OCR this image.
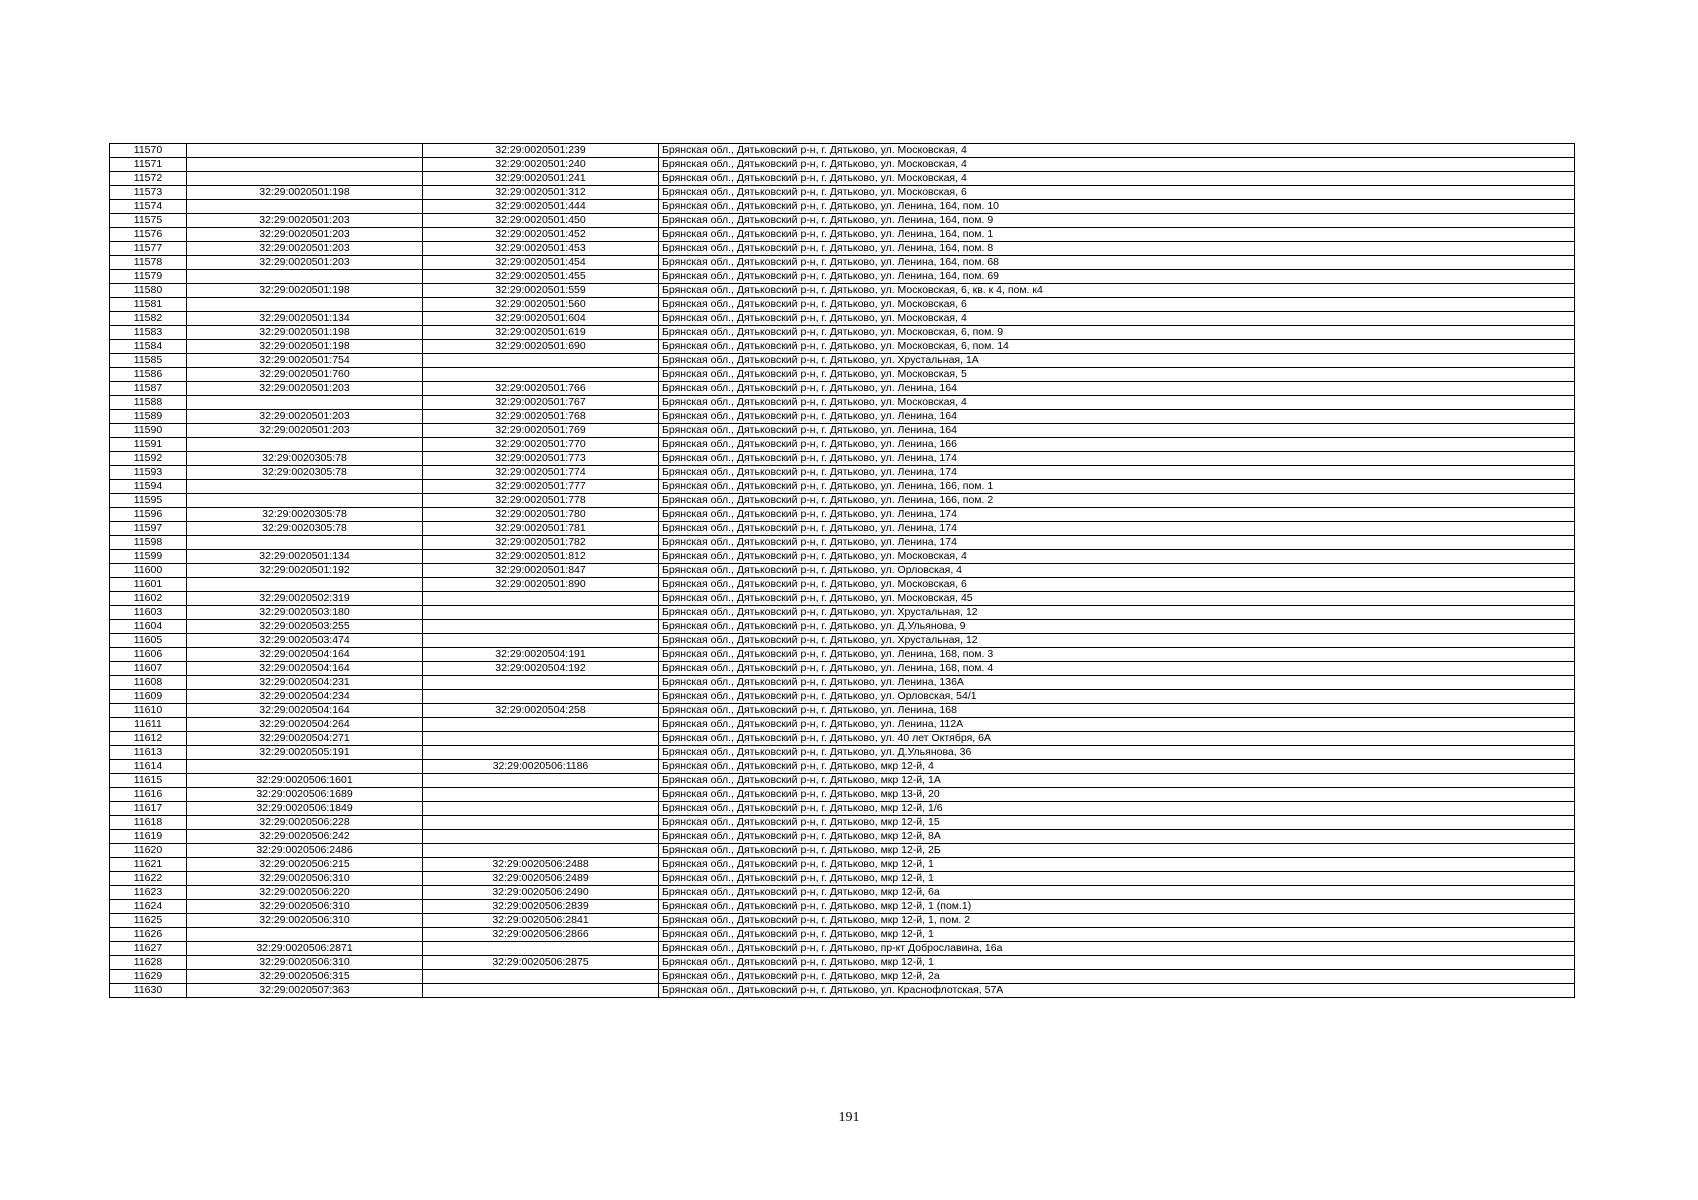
11570		32:29:0020501:239	Брянская обл., Дятьковский р-н, г. Дятьково, ул. Московская, 4
11571		32:29:0020501:240	Брянская обл., Дятьковский р-н, г. Дятьково, ул. Московская, 4
11572		32:29:0020501:241	Брянская обл., Дятьковский р-н, г. Дятьково, ул. Московская, 4
11573	32:29:0020501:198	32:29:0020501:312	Брянская обл., Дятьковский р-н, г. Дятьково, ул. Московская, 6
11574		32:29:0020501:444	Брянская обл., Дятьковский р-н, г. Дятьково, ул. Ленина, 164, пом. 10
11575	32:29:0020501:203	32:29:0020501:450	Брянская обл., Дятьковский р-н, г. Дятьково, ул. Ленина, 164, пом. 9
11576	32:29:0020501:203	32:29:0020501:452	Брянская обл., Дятьковский р-н, г. Дятьково, ул. Ленина, 164, пом. 1
11577	32:29:0020501:203	32:29:0020501:453	Брянская обл., Дятьковский р-н, г. Дятьково, ул. Ленина, 164, пом. 8
11578	32:29:0020501:203	32:29:0020501:454	Брянская обл., Дятьковский р-н, г. Дятьково, ул. Ленина, 164, пом. 68
11579		32:29:0020501:455	Брянская обл., Дятьковский р-н, г. Дятьково, ул. Ленина, 164, пом. 69
11580	32:29:0020501:198	32:29:0020501:559	Брянская обл., Дятьковский р-н, г. Дятьково, ул. Московская, 6, кв. к 4, пом. к4
11581		32:29:0020501:560	Брянская обл., Дятьковский р-н, г. Дятьково, ул. Московская, 6
11582	32:29:0020501:134	32:29:0020501:604	Брянская обл., Дятьковский р-н, г. Дятьково, ул. Московская, 4
11583	32:29:0020501:198	32:29:0020501:619	Брянская обл., Дятьковский р-н, г. Дятьково, ул. Московская, 6, пом. 9
11584	32:29:0020501:198	32:29:0020501:690	Брянская обл., Дятьковский р-н, г. Дятьково, ул. Московская, 6, пом. 14
11585	32:29:0020501:754		Брянская обл., Дятьковский р-н, г. Дятьково, ул. Хрустальная, 1А
11586	32:29:0020501:760		Брянская обл., Дятьковский р-н, г. Дятьково, ул. Московская, 5
11587	32:29:0020501:203	32:29:0020501:766	Брянская обл., Дятьковский р-н, г. Дятьково, ул. Ленина, 164
11588		32:29:0020501:767	Брянская обл., Дятьковский р-н, г. Дятьково, ул. Московская, 4
11589	32:29:0020501:203	32:29:0020501:768	Брянская обл., Дятьковский р-н, г. Дятьково, ул. Ленина, 164
11590	32:29:0020501:203	32:29:0020501:769	Брянская обл., Дятьковский р-н, г. Дятьково, ул. Ленина, 164
11591		32:29:0020501:770	Брянская обл., Дятьковский р-н, г. Дятьково, ул. Ленина, 166
11592	32:29:0020305:78	32:29:0020501:773	Брянская обл., Дятьковский р-н, г. Дятьково, ул. Ленина, 174
11593	32:29:0020305:78	32:29:0020501:774	Брянская обл., Дятьковский р-н, г. Дятьково, ул. Ленина, 174
11594		32:29:0020501:777	Брянская обл., Дятьковский р-н, г. Дятьково, ул. Ленина, 166, пом. 1
11595		32:29:0020501:778	Брянская обл., Дятьковский р-н, г. Дятьково, ул. Ленина, 166, пом. 2
11596	32:29:0020305:78	32:29:0020501:780	Брянская обл., Дятьковский р-н, г. Дятьково, ул. Ленина, 174
11597	32:29:0020305:78	32:29:0020501:781	Брянская обл., Дятьковский р-н, г. Дятьково, ул. Ленина, 174
11598		32:29:0020501:782	Брянская обл., Дятьковский р-н, г. Дятьково, ул. Ленина, 174
11599	32:29:0020501:134	32:29:0020501:812	Брянская обл., Дятьковский р-н, г. Дятьково, ул. Московская, 4
11600	32:29:0020501:192	32:29:0020501:847	Брянская обл., Дятьковский р-н, г. Дятьково, ул. Орловская, 4
11601		32:29:0020501:890	Брянская обл., Дятьковский р-н, г. Дятьково, ул. Московская, 6
11602	32:29:0020502:319		Брянская обл., Дятьковский р-н, г. Дятьково, ул. Московская, 45
11603	32:29:0020503:180		Брянская обл., Дятьковский р-н, г. Дятьково, ул. Хрустальная, 12
11604	32:29:0020503:255		Брянская обл., Дятьковский р-н, г. Дятьково, ул. Д.Ульянова, 9
11605	32:29:0020503:474		Брянская обл., Дятьковский р-н, г. Дятьково, ул. Хрустальная, 12
11606	32:29:0020504:164	32:29:0020504:191	Брянская обл., Дятьковский р-н, г. Дятьково, ул. Ленина, 168, пом. 3
11607	32:29:0020504:164	32:29:0020504:192	Брянская обл., Дятьковский р-н, г. Дятьково, ул. Ленина, 168, пом. 4
11608	32:29:0020504:231		Брянская обл., Дятьковский р-н, г. Дятьково, ул. Ленина, 136А
11609	32:29:0020504:234		Брянская обл., Дятьковский р-н, г. Дятьково, ул. Орловская, 54/1
11610	32:29:0020504:164	32:29:0020504:258	Брянская обл., Дятьковский р-н, г. Дятьково, ул. Ленина, 168
11611	32:29:0020504:264		Брянская обл., Дятьковский р-н, г. Дятьково, ул. Ленина, 112А
11612	32:29:0020504:271		Брянская обл., Дятьковский р-н, г. Дятьково, ул. 40 лет Октября, 6А
11613	32:29:0020505:191		Брянская обл., Дятьковский р-н, г. Дятьково, ул. Д.Ульянова, 36
11614		32:29:0020506:1186	Брянская обл., Дятьковский р-н, г. Дятьково, мкр 12-й, 4
11615	32:29:0020506:1601		Брянская обл., Дятьковский р-н, г. Дятьково, мкр 12-й, 1А
11616	32:29:0020506:1689		Брянская обл., Дятьковский р-н, г. Дятьково, мкр 13-й, 20
11617	32:29:0020506:1849		Брянская обл., Дятьковский р-н, г. Дятьково, мкр 12-й, 1/6
11618	32:29:0020506:228		Брянская обл., Дятьковский р-н, г. Дятьково, мкр 12-й, 15
11619	32:29:0020506:242		Брянская обл., Дятьковский р-н, г. Дятьково, мкр 12-й, 8А
11620	32:29:0020506:2486		Брянская обл., Дятьковский р-н, г. Дятьково, мкр 12-й, 2Б
11621	32:29:0020506:215	32:29:0020506:2488	Брянская обл., Дятьковский р-н, г. Дятьково, мкр 12-й, 1
11622	32:29:0020506:310	32:29:0020506:2489	Брянская обл., Дятьковский р-н, г. Дятьково, мкр 12-й, 1
11623	32:29:0020506:220	32:29:0020506:2490	Брянская обл., Дятьковский р-н, г. Дятьково, мкр 12-й, 6а
11624	32:29:0020506:310	32:29:0020506:2839	Брянская обл., Дятьковский р-н, г. Дятьково, мкр 12-й, 1 (пом.1)
11625	32:29:0020506:310	32:29:0020506:2841	Брянская обл., Дятьковский р-н, г. Дятьково, мкр 12-й, 1, пом. 2
11626		32:29:0020506:2866	Брянская обл., Дятьковский р-н, г. Дятьково, мкр 12-й, 1
11627	32:29:0020506:2871		Брянская обл., Дятьковский р-н, г. Дятьково, пр-кт Доброславина, 16а
11628	32:29:0020506:310	32:29:0020506:2875	Брянская обл., Дятьковский р-н, г. Дятьково, мкр 12-й, 1
11629	32:29:0020506:315		Брянская обл., Дятьковский р-н, г. Дятьково, мкр 12-й, 2а
11630	32:29:0020507:363		Брянская обл., Дятьковский р-н, г. Дятьково, ул. Краснофлотская, 57А
191
